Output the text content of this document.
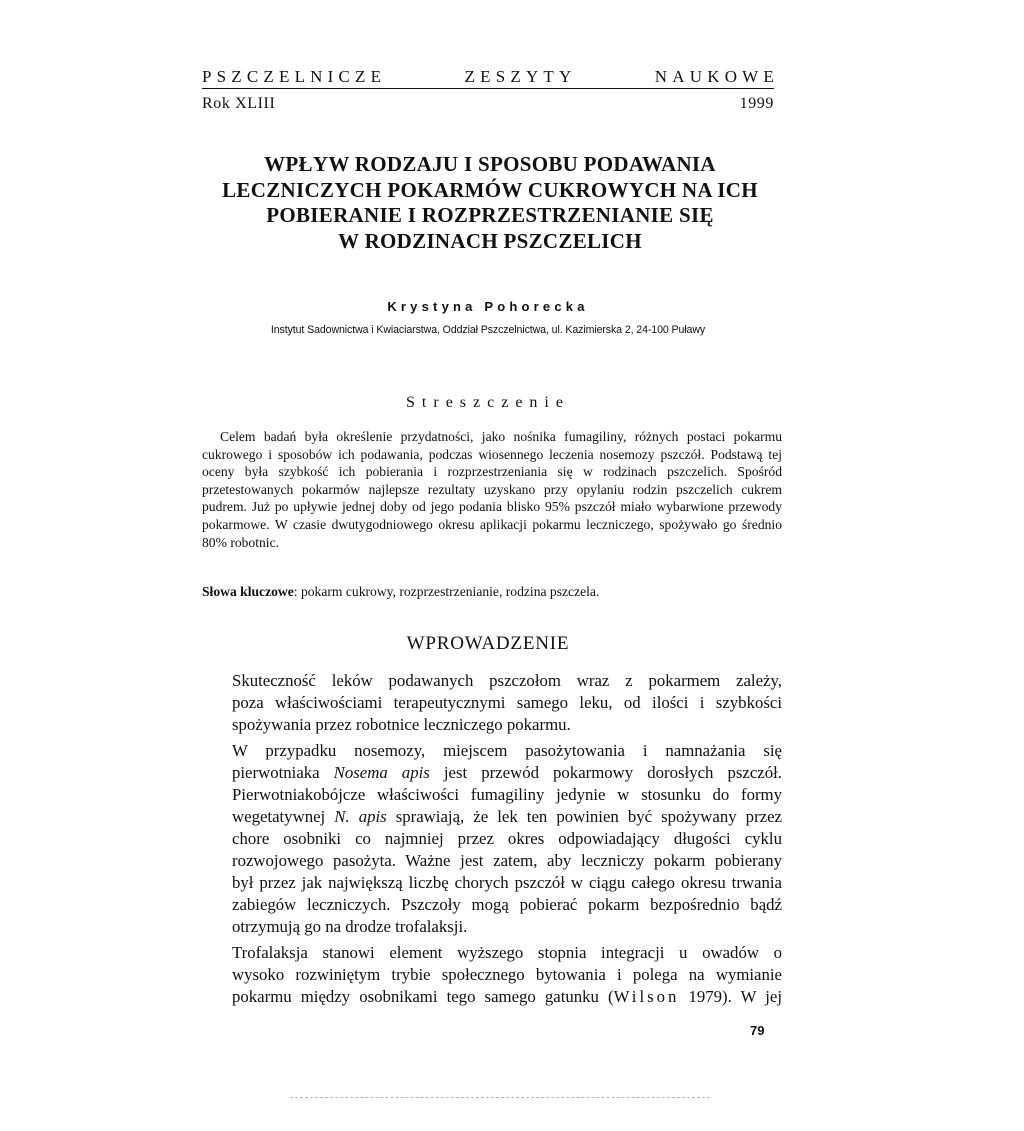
PSZCZELNICZE	ZESZYTY	NAUKOWE
Rok XLIII	1999
WPŁYW RODZAJU I SPOSOBU PODAWANIA
LECZNICZYCH POKARMÓW CUKROWYCH NA ICH
POBIERANIE I ROZPRZESTRZENIANIE SIĘ
W RODZINACH PSZCZELICH
Krystyna Pohorecka
Instytut Sadownictwa i Kwiaciarstwa, Oddział Pszczelnictwa, ul. Kazimierska 2, 24-100 Puławy
Streszczenie

Celem badań była określenie przydatności, jako nośnika fumagiliny, różnych postaci pokarmu cukrowego i sposobów ich podawania, podczas wiosennego leczenia nosemozy pszczół. Podstawą tej oceny była szybkość ich pobierania i rozprzestrzeniania się w rodzinach pszczelich. Spośród przetestowanych pokarmów najlepsze rezultaty uzyskano przy opylaniu rodzin pszczelich cukrem pudrem. Już po upływie jednej doby od jego podania blisko 95% pszczół miało wybarwione przewody pokarmowe. W czasie dwutygodniowego okresu aplikacji pokarmu leczniczego, spożywało go średnio 80% robotnic.

Słowa kluczowe: pokarm cukrowy, rozprzestrzenianie, rodzina pszczela.
WPROWADZENIE

Skuteczność leków podawanych pszczołom wraz z pokarmem zależy,
poza właściwościami terapeutycznymi samego leku, od ilości i szybkości
spożywania przez robotnice leczniczego pokarmu.

W przypadku nosemozy, miejscem pasożytowania i namnażania się
pierwotniaka Nosema apis jest przewód pokarmowy dorosłych pszczół.
Pierwotniakobójcze właściwości fumagiliny jedynie w stosunku do formy
wegetatywnej N. apis sprawiają, że lek ten powinien być spożywany przez
chore osobniki co najmniej przez okres odpowiadający długości cyklu
rozwojowego pasożyta. Ważne jest zatem, aby leczniczy pokarm pobierany
był przez jak największą liczbę chorych pszczół w ciągu całego okresu trwania
zabiegów leczniczych. Pszczoły mogą pobierać pokarm bezpośrednio bądź
otrzymują go na drodze trofalaksji.

Trofalaksja stanowi element wyższego stopnia integracji u owadów o
wysoko rozwiniętym trybie społecznego bytowania i polega na wymianie
pokarmu między osobnikami tego samego gatunku (Wilson 1979). W jej

79
